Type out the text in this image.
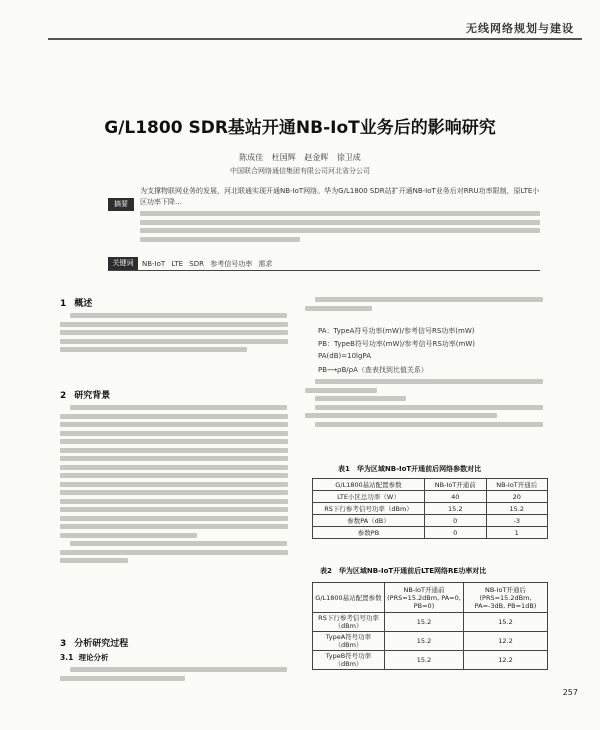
无线网络规划与建设
G/L1800 SDR基站开通NB-IoT业务后的影响研究
陈成佳 杜国辉 赵金辉 徐卫成
中国联合网络通信集团有限公司河北省分公司
摘要
为支撑物联网业务的发展，河北联通实现开通NB-IoT网络。华为G/L1800 SDR站扩开通NB-IoT业务后对RRU功率限制，原LTE小区功率下降…
关键词	NB-IoT LTE SDR 参考信号功率 需求
1 概述
2 研究背景
3 分析研究过程
3.1 理论分析
PA：TypeA符号功率(mW)/参考信号RS功率(mW)
PB：TypeB符号功率(mW)/参考信号RS功率(mW)
PA(dB)=10lgPA
PB⟶ρB/ρA（查表找到比值关系）
表1　华为区域NB-IoT开通前后网络参数对比
G/L1800基站配置参数	NB-IoT开通前	NB-IoT开通后
LTE小区总功率（W）	40	20
RS下行参考信号功率（dBm）	15.2	15.2
参数PA（dB）	0	-3
参数PB	0	1
表2　华为区域NB-IoT开通前后LTE网络RE功率对比
G/L1800基站配置参数	NB-IoT开通前(PRS=15.2dBm, PA=0, PB=0)	NB-IoT开通后(PRS=15.2dBm, PA=-3dB, PB=1dB)
RS下行参考信号功率（dBm）	15.2	15.2
TypeA符号功率（dBm）	15.2	12.2
TypeB符号功率（dBm）	15.2	12.2
257
